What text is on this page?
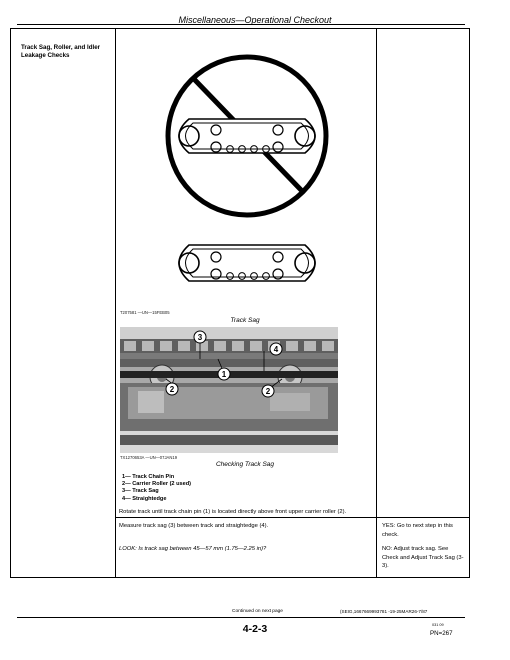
Miscellaneous—Operational Checkout
Track Sag, Roller, and Idler Leakage Checks
T207581 —UN—15FEB05
Track Sag
1
2	2
3
4
TX1270653A —UN—07JAN19
Checking Track Sag
1— Track Chain Pin
2— Carrier Roller (2 used)
3— Track Sag
4— Straightedge
Rotate track until track chain pin (1) is located directly above front upper carrier roller (2).
Measure track sag (3) between track and straightedge (4).
LOOK: Is track sag between 45—57 mm (1.75—2.25 in)?
YES: Go to next step in this check.
NO: Adjust track sag. See Check and Adjust Track Sag (3-3).
Continued on next page	(SEIG,1667669993781 -19-25MAR26-7/87
4-2-3	031 09
PN=267
